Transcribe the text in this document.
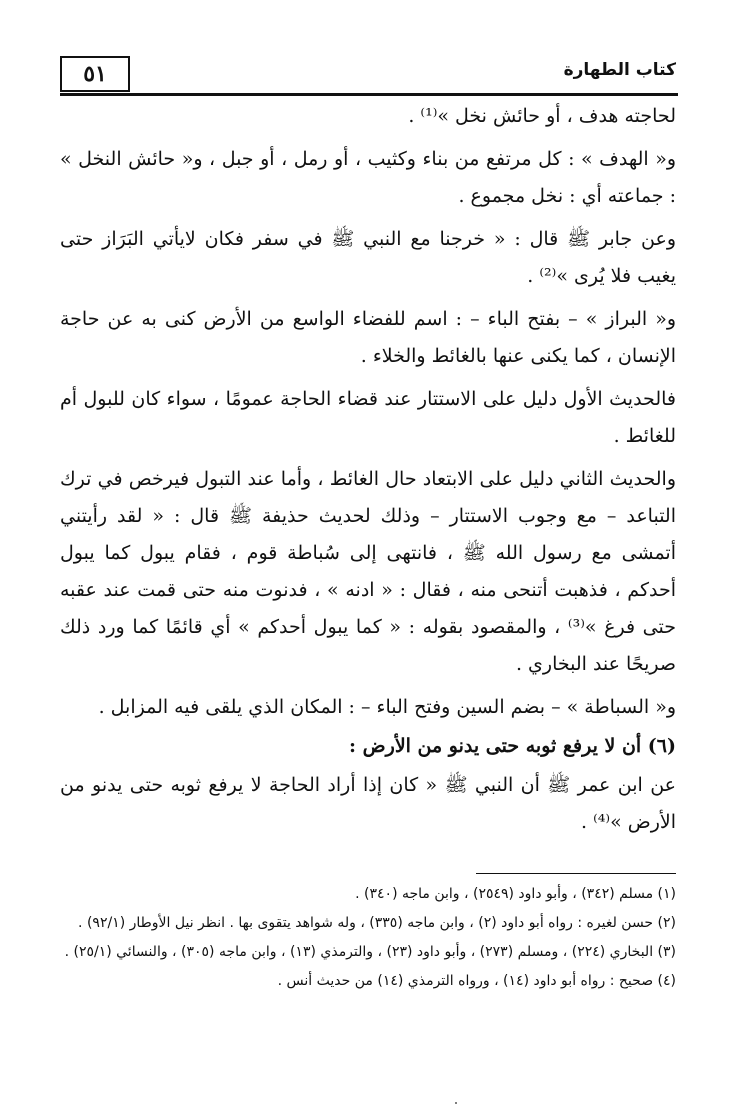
٥١	كتاب الطهارة

لحاجته هدف ، أو حائش نخل »⁽¹⁾ .

و« الهدف » : كل مرتفع من بناء وكثيب ، أو رمل ، أو جبل ، و« حائش النخل » : جماعته أي : نخل مجموع .

وعن جابر ﷺ قال : « خرجنا مع النبي ﷺ في سفر فكان لايأتي البَرَاز حتى يغيب فلا يُرى »⁽²⁾ .

و« البراز » – بفتح الباء – : اسم للفضاء الواسع من الأرض كنى به عن حاجة الإنسان ، كما يكنى عنها بالغائط والخلاء .

فالحديث الأول دليل على الاستتار عند قضاء الحاجة عمومًا ، سواء كان للبول أم للغائط .

والحديث الثاني دليل على الابتعاد حال الغائط ، وأما عند التبول فيرخص في ترك التباعد – مع وجوب الاستتار – وذلك لحديث حذيفة ﷺ قال : « لقد رأيتني أتمشى مع رسول الله ﷺ ، فانتهى إلى سُباطة قوم ، فقام يبول كما يبول أحدكم ، فذهبت أتنحى منه ، فقال : « ادنه » ، فدنوت منه حتى قمت عند عقبه حتى فرغ »⁽³⁾ ، والمقصود بقوله : « كما يبول أحدكم » أي قائمًا كما ورد ذلك صريحًا عند البخاري .

و« السباطة » – بضم السين وفتح الباء – : المكان الذي يلقى فيه المزابل .

(٦) أن لا يرفع ثوبه حتى يدنو من الأرض :

عن ابن عمر ﷺ أن النبي ﷺ « كان إذا أراد الحاجة لا يرفع ثوبه حتى يدنو من الأرض »⁽⁴⁾ .

(١) مسلم (٣٤٢) ، وأبو داود (٢٥٤٩) ، وابن ماجه (٣٤٠) .
(٢) حسن لغيره : رواه أبو داود (٢) ، وابن ماجه (٣٣٥) ، وله شواهد يتقوى بها . انظر نيل الأوطار (٩٢/١) .
(٣) البخاري (٢٢٤) ، ومسلم (٢٧٣) ، وأبو داود (٢٣) ، والترمذي (١٣) ، وابن ماجه (٣٠٥) ، والنسائي (٢٥/١) .
(٤) صحيح : رواه أبو داود (١٤) ، ورواه الترمذي (١٤) من حديث أنس .
